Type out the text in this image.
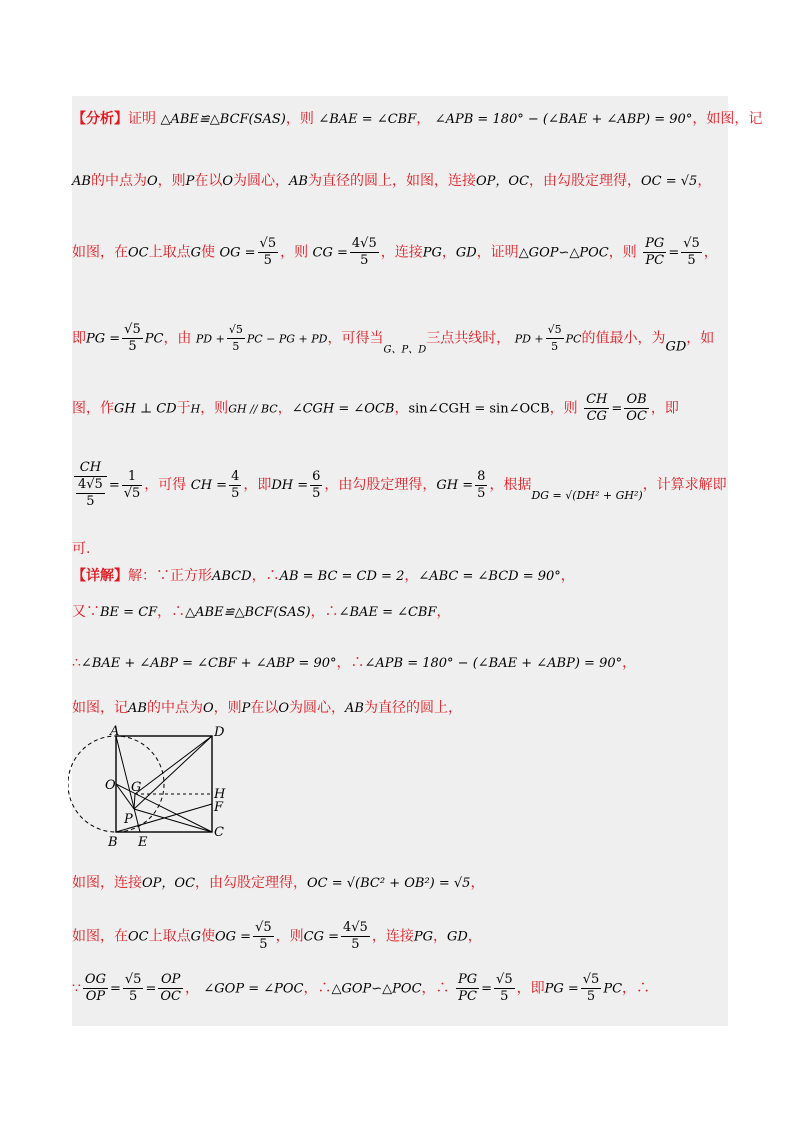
【分析】证明 △ABE≌△BCF(SAS)，则 ∠BAE = ∠CBF， ∠APB = 180° − (∠BAE + ∠ABP) = 90°，如图，记
AB的中点为O，则P在以O为圆心，AB为直径的圆上，如图，连接OP，OC，由勾股定理得，OC = √5，
如图，在OC上取点G使 OG = $\frac{√5}{5}$ ，则 CG = $\frac{4√5}{5}$ ，连接PG，GD，证明△GOP∽△POC，则 $\frac{PG}{PC} = \frac{√5}{5}$ ，
即PG = $\frac{√5}{5}$ PC，由 PD + $\frac{√5}{5}$ PC − PG + PD，可得当$_{G、P、D}$三点共线时， PD + $\frac{√5}{5}$ PC的值最小，为GD，如
图，作GH ⊥ CD于H，则GH // BC，∠CGH = ∠OCB，sin∠CGH = sin∠OCB，则 $\frac{CH}{CG} = \frac{OB}{OC}$ ，即
$\frac{CH}{\frac{4√5}{5}} = \frac{1}{√5}$ ，可得 CH = $\frac{4}{5}$ ，即DH = $\frac{6}{5}$ ，由勾股定理得，GH = $\frac{8}{5}$ ，根据$_{DG = √(DH^2 + GH^2)}$，计算求解即
可.
【详解】解：∵正方形ABCD，∴AB = BC = CD = 2，∠ABC = ∠BCD = 90°，
又∵BE = CF，∴△ABE≌△BCF(SAS)，∴∠BAE = ∠CBF，
∴∠BAE + ∠ABP = ∠CBF + ∠ABP = 90°，∴∠APB = 180° − (∠BAE + ∠ABP) = 90°，
如图，记AB的中点为O，则P在以O为圆心，AB为直径的圆上，
A	D
O G	H
F
P
B E
C
如图，连接OP，OC，由勾股定理得，OC = √(BC² + OB²) = √5，
如图，在OC上取点G使OG = $\frac{√5}{5}$ ，则CG = $\frac{4√5}{5}$ ，连接PG，GD，
∵ $\frac{OG}{OP} = \frac{√5}{5} = \frac{OP}{OC}$ ， ∠GOP = ∠POC，∴△GOP∽△POC，∴ $\frac{PG}{PC} = \frac{√5}{5}$ ，即PG = $\frac{√5}{5}$ PC，∴
